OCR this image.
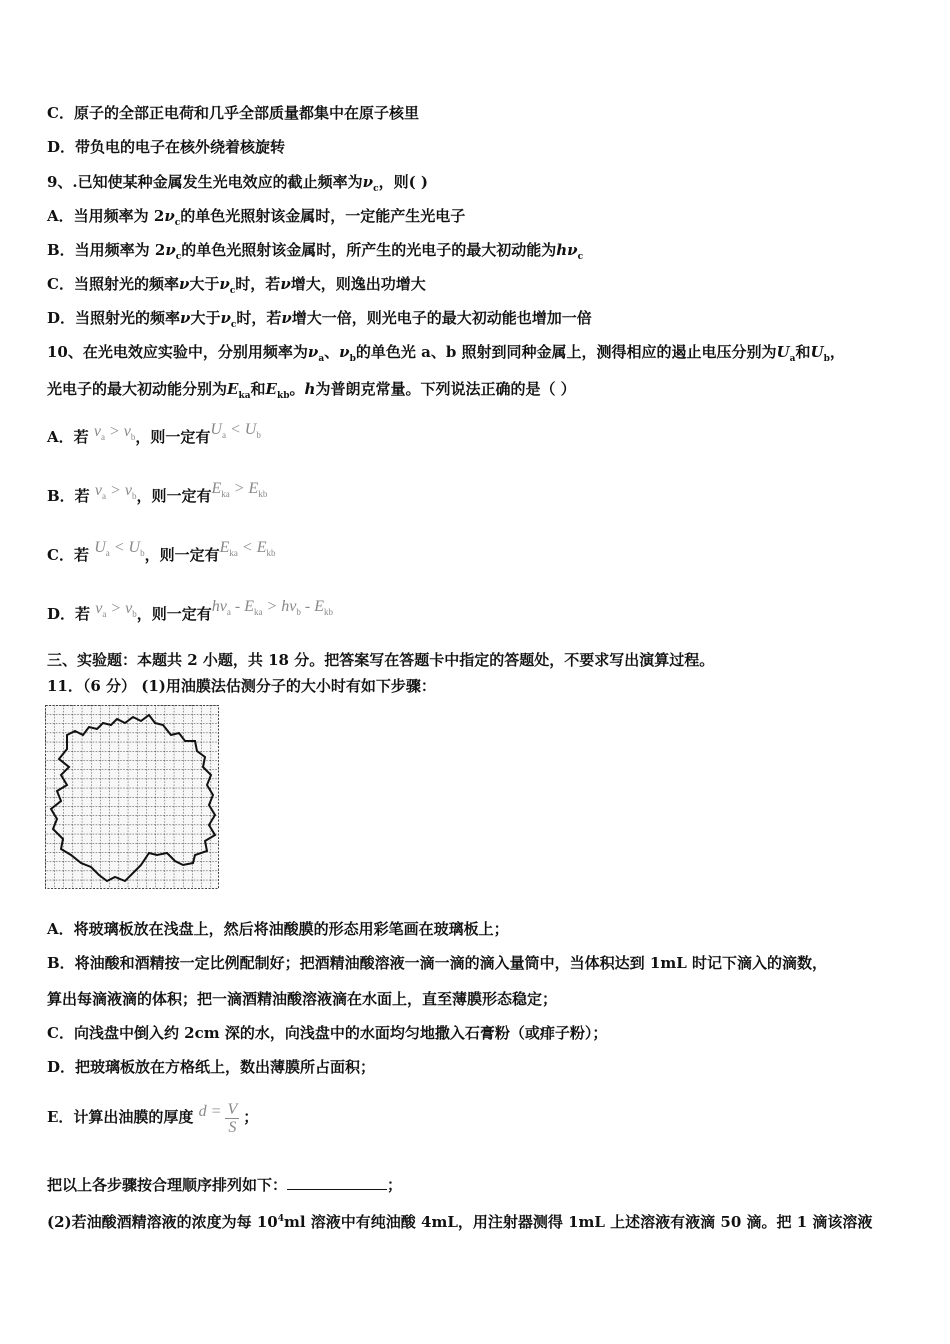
C．原子的全部正电荷和几乎全部质量都集中在原子核里
D．带负电的电子在核外绕着核旋转
9、.已知使某种金属发生光电效应的截止频率为$\nu_c$，则( )
A．当用频率为 $2\nu_c$的单色光照射该金属时，一定能产生光电子
B．当用频率为 $2\nu_c$的单色光照射该金属时，所产生的光电子的最大初动能为$h\nu_c$
C．当照射光的频率ν大于$\nu_c$时，若ν增大，则逸出功增大
D．当照射光的频率ν大于$\nu_c$时，若ν增大一倍，则光电子的最大初动能也增加一倍
10、在光电效应实验中，分别用频率为$\nu_a$、$\nu_b$的单色光 a、b 照射到同种金属上，测得相应的遏止电压分别为$U_a$和$U_b$，
光电子的最大初动能分别为$E_{ka}$和$E_{kb}$。h为普朗克常量。下列说法正确的是（ ）
A．若 $\nu_a > \nu_b$，则一定有$U_a < U_b$
B．若 $\nu_a > \nu_b$，则一定有$E_{ka} > E_{kb}$
C．若 $U_a < U_b$，则一定有$E_{ka} < E_{kb}$
D．若 $\nu_a > \nu_b$，则一定有$h\nu_a - E_{ka} > h\nu_b - E_{kb}$
三、实验题：本题共 2 小题，共 18 分。把答案写在答题卡中指定的答题处，不要求写出演算过程。
11．（6 分） (1)用油膜法估测分子的大小时有如下步骤：
A．将玻璃板放在浅盘上，然后将油酸膜的形态用彩笔画在玻璃板上；
B．将油酸和酒精按一定比例配制好；把酒精油酸溶液一滴一滴的滴入量筒中，当体积达到 1mL 时记下滴入的滴数，
算出每滴液滴的体积；把一滴酒精油酸溶液滴在水面上，直至薄膜形态稳定；
C．向浅盘中倒入约 2cm 深的水，向浅盘中的水面均匀地撒入石膏粉（或痱子粉）；
D．把玻璃板放在方格纸上，数出薄膜所占面积；
E．计算出油膜的厚度 $d = \frac{V}{S}$ ；
把以上各步骤按合理顺序排列如下：	；
(2)若油酸酒精溶液的浓度为每 $10^4ml$ 溶液中有纯油酸 4mL，用注射器测得 1mL 上述溶液有液滴 50 滴。把 1 滴该溶液
